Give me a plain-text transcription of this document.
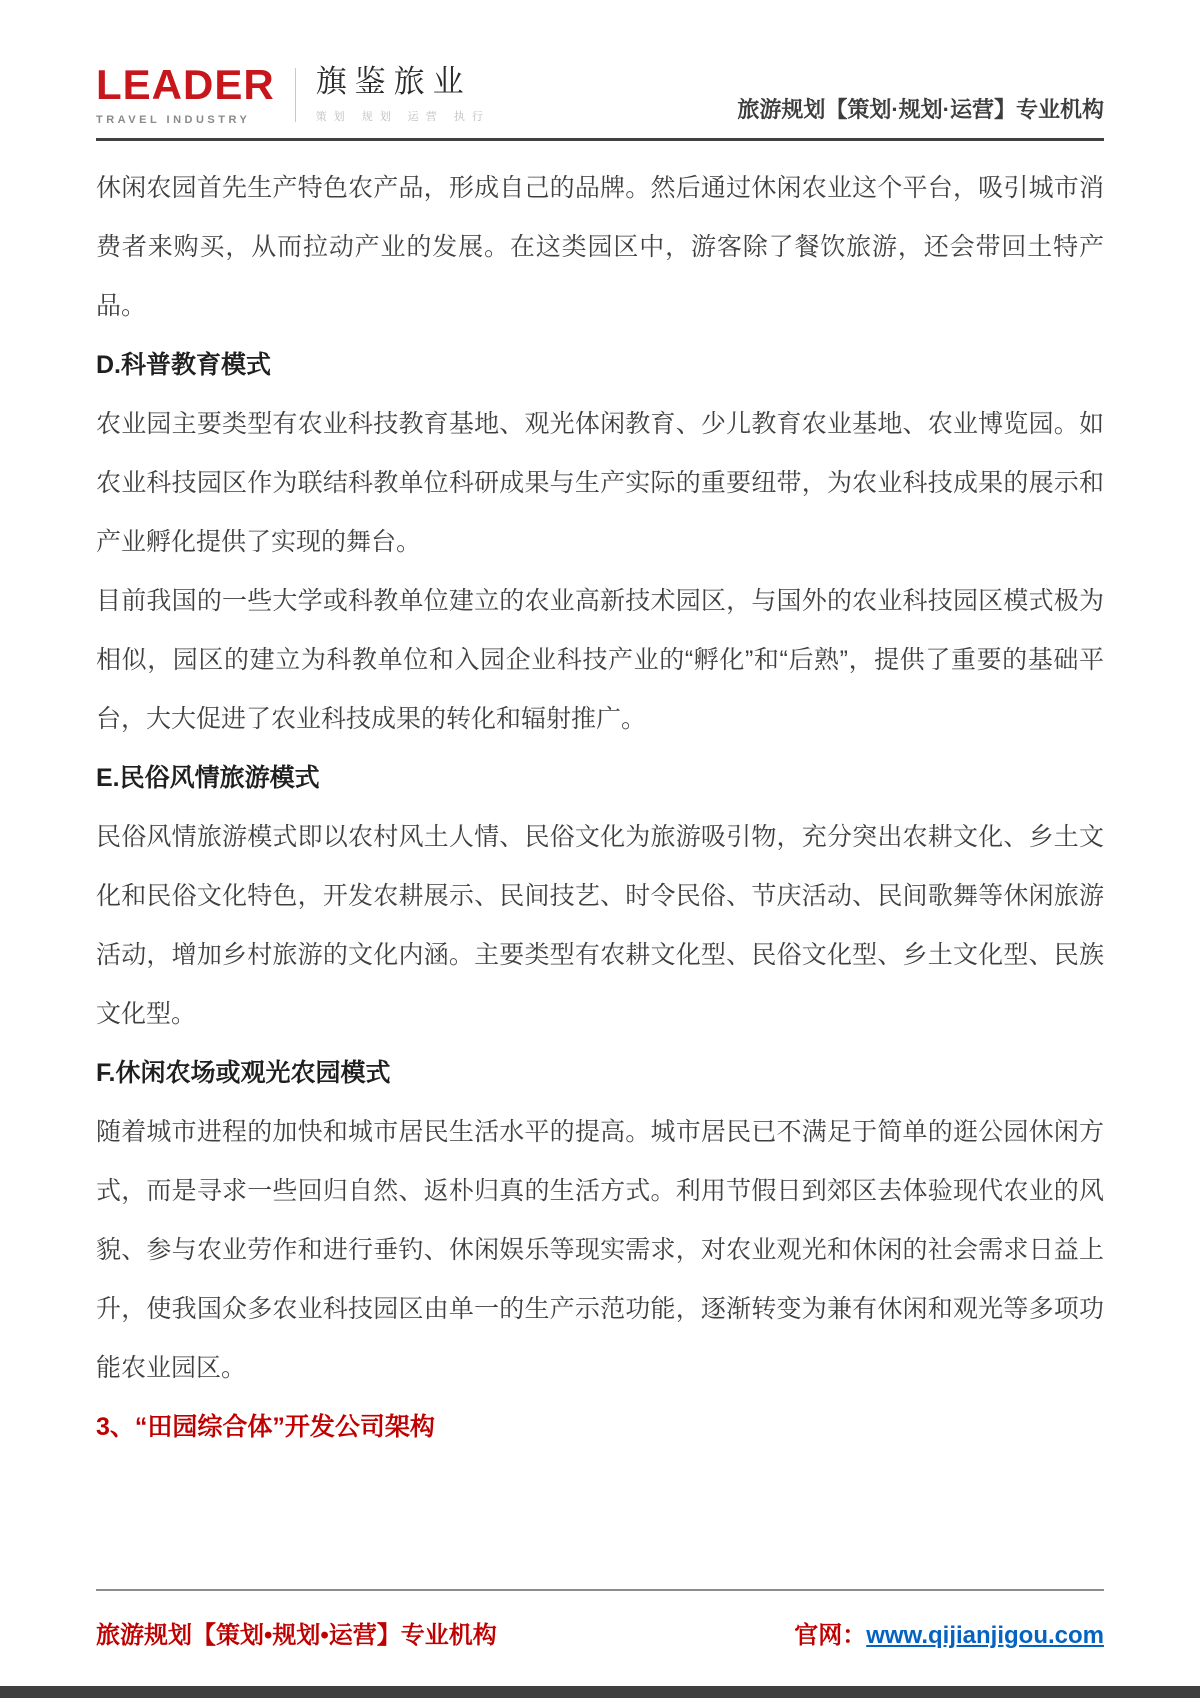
LEADER
TRAVEL INDUSTRY
旗鉴旅业
策划 规划 运营 执行	旅游规划【策划·规划·运营】专业机构

休闲农园首先生产特色农产品，形成自己的品牌。然后通过休闲农业这个平台，吸引城市消费者来购买，从而拉动产业的发展。在这类园区中，游客除了餐饮旅游，还会带回土特产品。

D.科普教育模式

农业园主要类型有农业科技教育基地、观光体闲教育、少儿教育农业基地、农业博览园。如农业科技园区作为联结科教单位科研成果与生产实际的重要纽带，为农业科技成果的展示和产业孵化提供了实现的舞台。

目前我国的一些大学或科教单位建立的农业高新技术园区，与国外的农业科技园区模式极为相似，园区的建立为科教单位和入园企业科技产业的“孵化”和“后熟”，提供了重要的基础平台，大大促进了农业科技成果的转化和辐射推广。

E.民俗风情旅游模式

民俗风情旅游模式即以农村风土人情、民俗文化为旅游吸引物，充分突出农耕文化、乡土文化和民俗文化特色，开发农耕展示、民间技艺、时令民俗、节庆活动、民间歌舞等休闲旅游活动，增加乡村旅游的文化内涵。主要类型有农耕文化型、民俗文化型、乡土文化型、民族文化型。

F.休闲农场或观光农园模式

随着城市进程的加快和城市居民生活水平的提高。城市居民已不满足于简单的逛公园休闲方式，而是寻求一些回归自然、返朴归真的生活方式。利用节假日到郊区去体验现代农业的风貌、参与农业劳作和进行垂钓、休闲娱乐等现实需求，对农业观光和休闲的社会需求日益上升，使我国众多农业科技园区由单一的生产示范功能，逐渐转变为兼有休闲和观光等多项功能农业园区。

3、“田园综合体”开发公司架构
旅游规划【策划•规划•运营】专业机构	官网：www.qijianjigou.com
